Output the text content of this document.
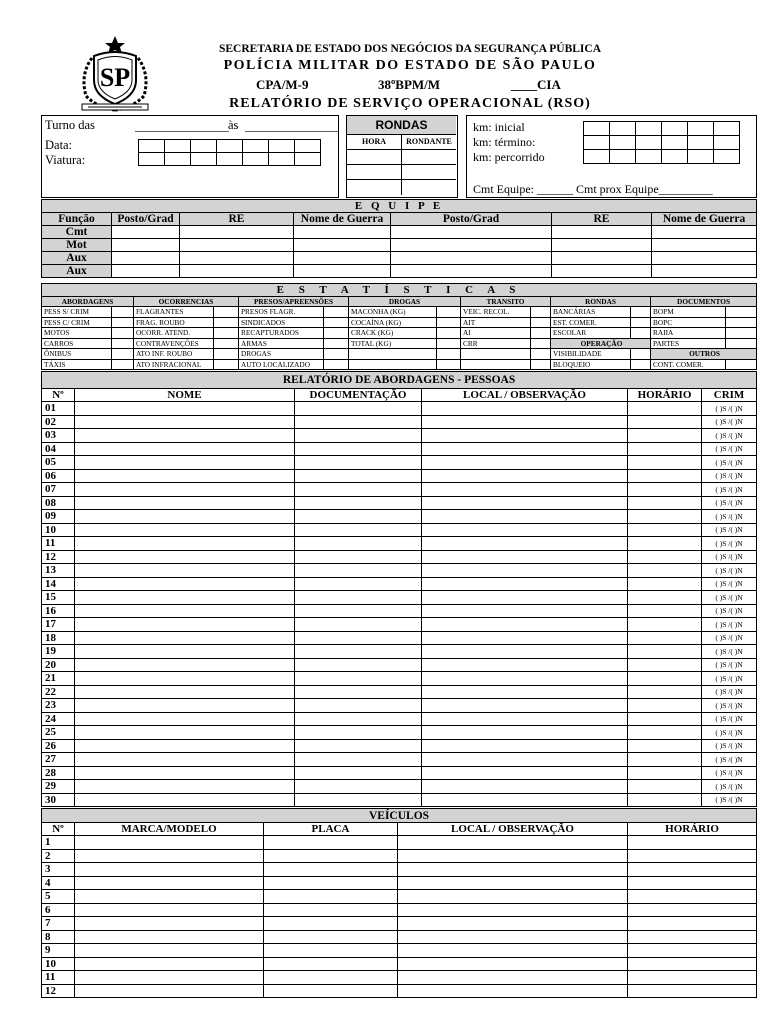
SP
SECRETARIA DE ESTADO DOS NEGÓCIOS DA SEGURANÇA PÚBLICA
POLÍCIA MILITAR DO ESTADO DE SÃO PAULO
CPA/M-9	38ºBPM/M	____CIA
RELATÓRIO DE SERVIÇO OPERACIONAL (RSO)
Turno das	_______________ às _______________
Data:
Viatura:

RONDAS	
HORA	RONDANTE

km: inicial
km: término:
km: percorrido

Cmt Equipe: ______ Cmt prox Equipe_________
E Q U I P E						
Função	Posto/Grad	RE	Nome de Guerra	Posto/Grad	RE	Nome de Guerra
Cmt						
Mot						
Aux						
Aux						
E S T A T Í S T I C A S													
ABORDAGENS		OCORRENCIAS		PRESOS/APREENSÕES		DROGAS		TRANSITO		RONDAS		DOCUMENTOS	
PESS S/ CRIM		FLAGRANTES		PRESOS FLAGR.		MACONHA (KG)		VEIC. RECOL.		BANCÁRIAS		BOPM	
PESS C/ CRIM		FRAG. ROUBO		SINDICADOS		COCAÍNA (KG)		AIT		EST. COMER.		BOPC	
MOTOS		OCORR. ATEND.		RECAPTURADOS		CRACK (KG)		AI		ESCOLAR		RAIIA	
CARROS		CONTRAVENÇÕES		ARMAS		TOTAL (KG)		CRR		OPERAÇÃO		PARTES	
ÔNIBUS		ATO INF. ROUBO		DROGAS						VISIBILIDADE		OUTROS	
TÁXIS		ATO INFRACIONAL		AUTO LOCALIZADO						BLOQUEIO		CONT. COMER.	
RELATÓRIO DE ABORDAGENS - PESSOAS					
Nº	NOME	DOCUMENTAÇÃO	LOCAL / OBSERVAÇÃO	HORÁRIO	CRIM
01					( )S /( )N
02					( )S /( )N
03					( )S /( )N
04					( )S /( )N
05					( )S /( )N
06					( )S /( )N
07					( )S /( )N
08					( )S /( )N
09					( )S /( )N
10					( )S /( )N
11					( )S /( )N
12					( )S /( )N
13					( )S /( )N
14					( )S /( )N
15					( )S /( )N
16					( )S /( )N
17					( )S /( )N
18					( )S /( )N
19					( )S /( )N
20					( )S /( )N
21					( )S /( )N
22					( )S /( )N
23					( )S /( )N
24					( )S /( )N
25					( )S /( )N
26					( )S /( )N
27					( )S /( )N
28					( )S /( )N
29					( )S /( )N
30					( )S /( )N
VEÍCULOS				
Nº	MARCA/MODELO	PLACA	LOCAL / OBSERVAÇÃO	HORÁRIO
1				
2				
3				
4				
5				
6				
7				
8				
9				
10				
11				
12				
